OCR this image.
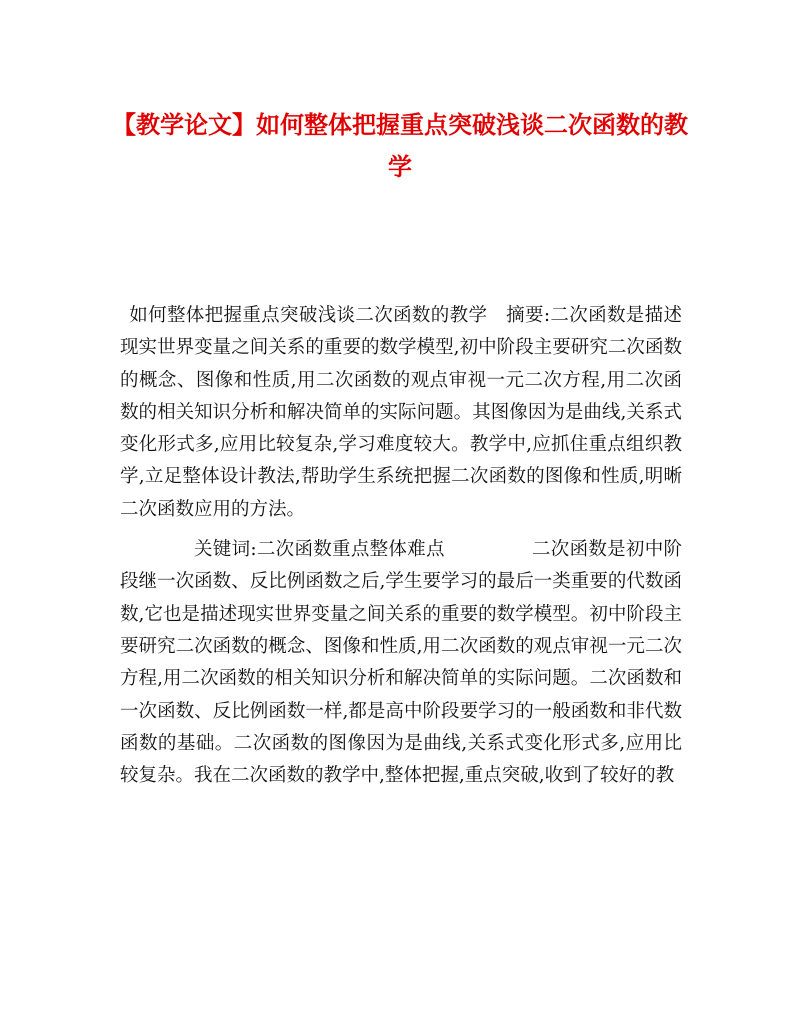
【教学论文】如何整体把握重点突破浅谈二次函数的教学

如何整体把握重点突破浅谈二次函数的教学 摘要:二次函数是描述现实世界变量之间关系的重要的数学模型,初中阶段主要研究二次函数的概念、图像和性质,用二次函数的观点审视一元二次方程,用二次函数的相关知识分析和解决简单的实际问题。其图像因为是曲线,关系式变化形式多,应用比较复杂,学习难度较大。教学中,应抓住重点组织教学,立足整体设计教法,帮助学生系统把握二次函数的图像和性质,明晰二次函数应用的方法。

关键词:二次函数重点整体难点	二次函数是初中阶段继一次函数、反比例函数之后,学生要学习的最后一类重要的代数函数,它也是描述现实世界变量之间关系的重要的数学模型。初中阶段主要研究二次函数的概念、图像和性质,用二次函数的观点审视一元二次方程,用二次函数的相关知识分析和解决简单的实际问题。二次函数和一次函数、反比例函数一样,都是高中阶段要学习的一般函数和非代数函数的基础。二次函数的图像因为是曲线,关系式变化形式多,应用比较复杂。我在二次函数的教学中,整体把握,重点突破,收到了较好的教
